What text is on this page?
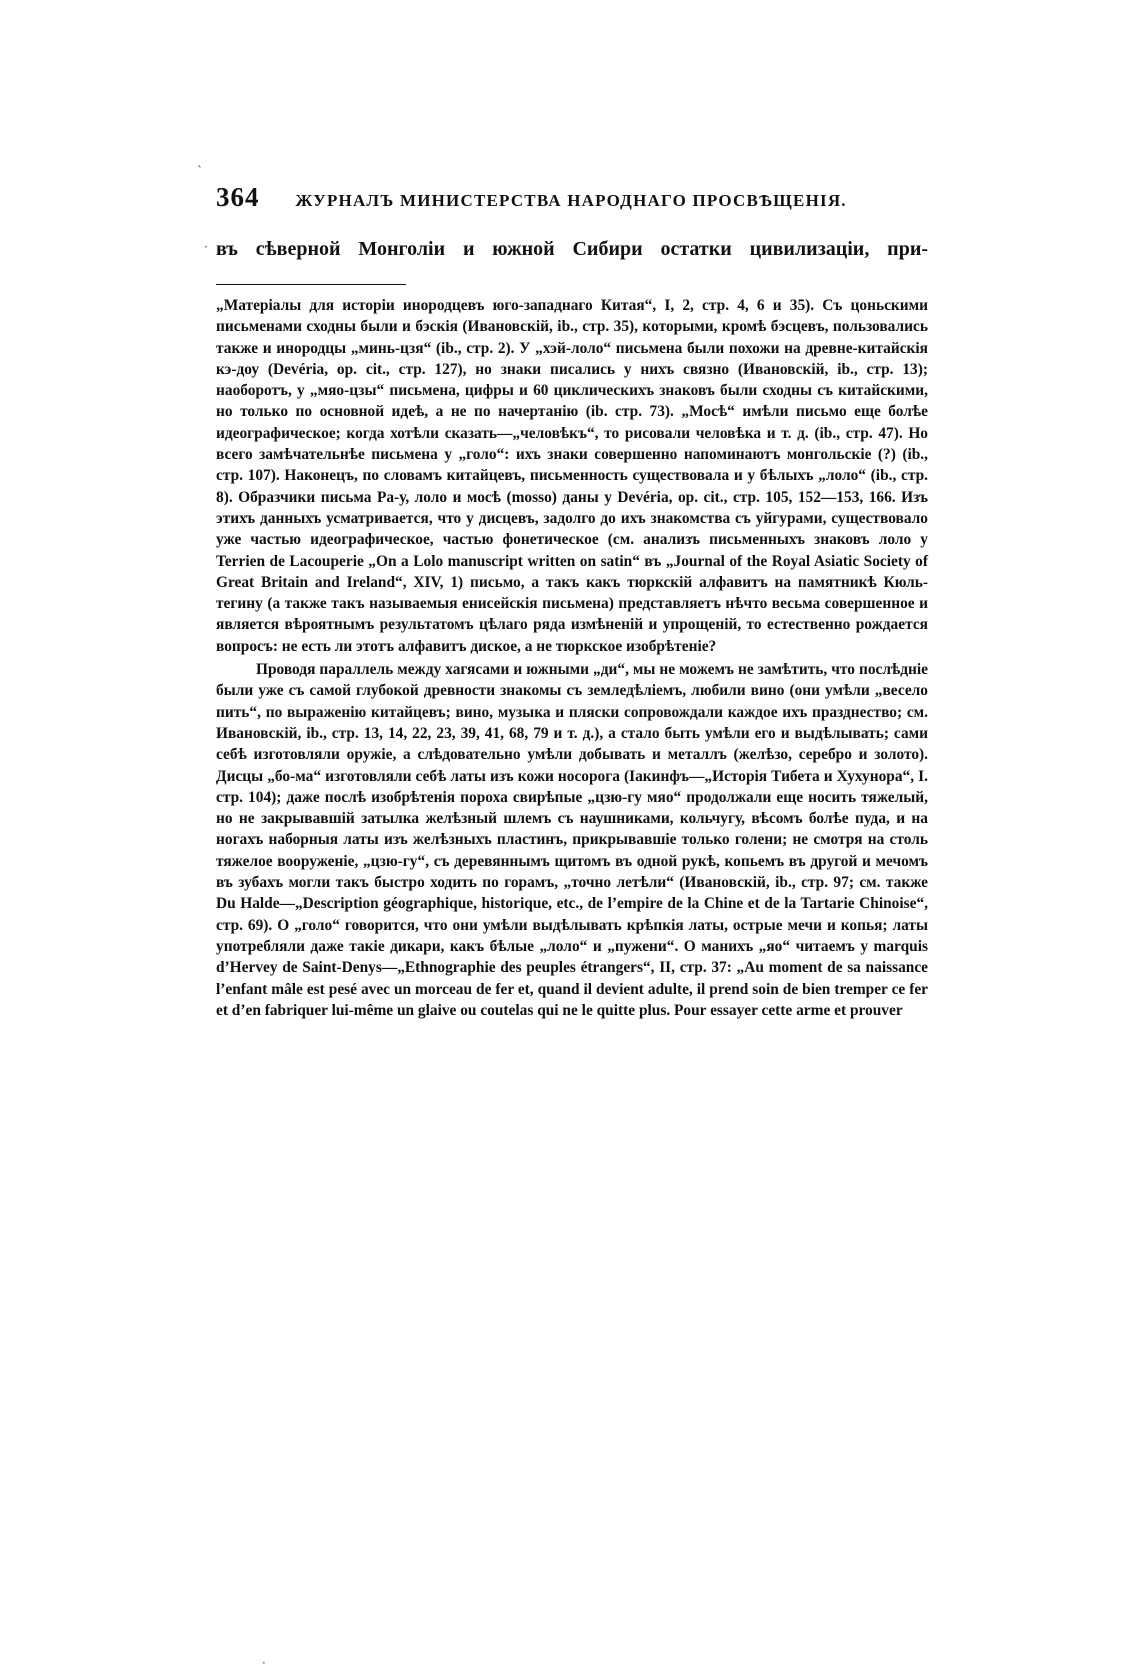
364 ЖУРНАЛЪ МИНИСТЕРСТВА НАРОДНАГО ПРОСВѢЩЕНІЯ.
въ сѣверной Монголіи и южной Сибири остатки цивилизаціи, при-

„Матеріалы для исторіи инородцевъ юго-западнаго Китая“, I, 2, стр. 4, 6 и 35). Съ цоньскими письменами сходны были и бэскія (Ивановскій, ib., стр. 35), которыми, кромѣ бэсцевъ, пользовались также и инородцы „минь-цзя“ (ib., стр. 2). У „хэй-лоло“ письмена были похожи на древне-китайскія кэ-доу (Devéria, op. cit., стр. 127), но знаки писались у нихъ связно (Ивановскій, ib., стр. 13); наоборотъ, у „мяо-цзы“ письмена, цифры и 60 циклическихъ знаковъ были сходны съ китайскими, но только по основной идеѣ, а не по начертанію (ib. стр. 73). „Мосѣ“ имѣли письмо еще болѣе идеографическое; когда хотѣли сказать—„человѣкъ“, то рисовали человѣка и т. д. (ib., стр. 47). Но всего замѣчательнѣе письмена у „голо“: ихъ знаки совершенно напоминаютъ монгольскіе (?) (ib., стр. 107). Наконецъ, по словамъ китайцевъ, письменность существовала и у бѣлыхъ „лоло“ (ib., стр. 8). Образчики письма Ра-у, лоло и мосѣ (mosso) даны у Devéria, op. cit., стр. 105, 152—153, 166. Изъ этихъ данныхъ усматривается, что у дисцевъ, задолго до ихъ знакомства съ уйгурами, существовало уже частью идеографическое, частью фонетическое (см. анализъ письменныхъ знаковъ лоло у Terrien de Lacouperie „On a Lolo manuscript written on satin“ въ „Journal of the Royal Asiatic Society of Great Britain and Ireland“, XIV, 1) письмо, а такъ какъ тюркскій алфавитъ на памятникѣ Кюль-тегину (а также такъ называемыя енисейскія письмена) представляетъ нѣчто весьма совершенное и является вѣроятнымъ результатомъ цѣлаго ряда измѣненій и упрощеній, то естественно рождается вопросъ: не есть ли этотъ алфавитъ дискоe, а не тюркское изобрѣтеніе?

Проводя параллель между хагясами и южными „ди“, мы не можемъ не замѣтить, что послѣдніе были уже съ самой глубокой древности знакомы съ земледѣліемъ, любили вино (они умѣли „весело пить“, по выраженію китайцевъ; вино, музыка и пляски сопровождали каждое ихъ празднество; см. Ивановскій, ib., стр. 13, 14, 22, 23, 39, 41, 68, 79 и т. д.), а стало быть умѣли его и выдѣлывать; сами себѣ изготовляли оружіе, а слѣдовательно умѣли добывать и металлъ (желѣзо, серебро и золото). Дисцы „бо-ма“ изготовляли себѣ латы изъ кожи носорога (Іакинфъ—„Исторія Тибета и Хухунора“, I. стр. 104); даже послѣ изобрѣтенія пороха свирѣпые „цзю-гу мяо“ продолжали еще носить тяжелый, но не закрывавшій затылка желѣзный шлемъ съ наушниками, кольчугу, вѣсомъ болѣе пуда, и на ногахъ наборныя латы изъ желѣзныхъ пластинъ, прикрывавшіе только голени; не смотря на столь тяжелое вооруженіе, „цзю-гу“, съ деревяннымъ щитомъ въ одной рукѣ, копьемъ въ другой и мечомъ въ зубахъ могли такъ быстро ходить по горамъ, „точно летѣли“ (Ивановскій, ib., стр. 97; см. также Du Halde—„Description géographique, historique, etc., de l’empire de la Chine et de la Tartarie Chinoise“, стр. 69). О „голо“ говорится, что они умѣли выдѣлывать крѣпкія латы, острые мечи и копья; латы употребляли даже такіе дикари, какъ бѣлые „лоло“ и „пужени“. О манихъ „яо“ читаемъ у marquis d’Hervey de Saint-Denys—„Ethnographie des peuples étrangers“, II, стр. 37: „Au moment de sa naissance l’enfant mâle est pesé avec un morceau de fer et, quand il devient adulte, il prend soin de bien tremper ce fer et d’en fabriquer lui-même un glaive ou coutelas qui ne le quitte plus. Pour essayer cette arme et prouver

ˋ
·
·
